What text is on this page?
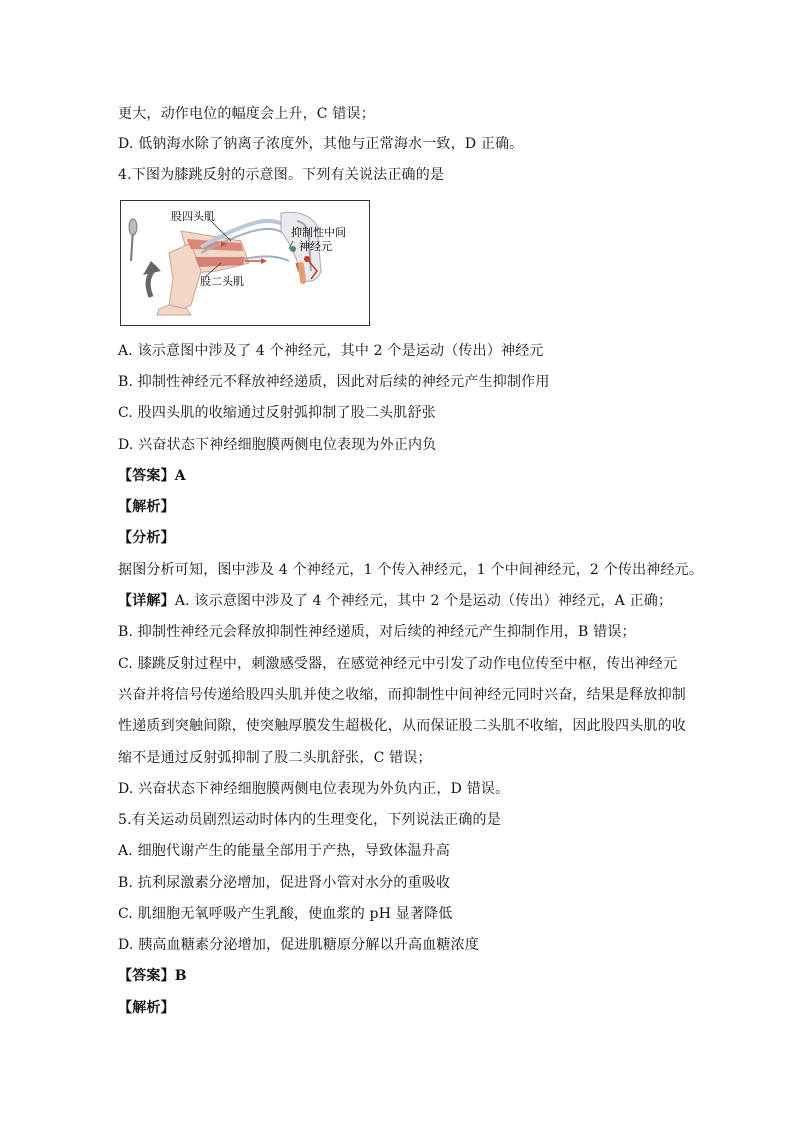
更大，动作电位的幅度会上升，C 错误；
D. 低钠海水除了钠离子浓度外，其他与正常海水一致，D 正确。
4.下图为膝跳反射的示意图。下列有关说法正确的是
股四头肌
抑制性中间
神经元
股二头肌
A. 该示意图中涉及了 4 个神经元，其中 2 个是运动（传出）神经元
B. 抑制性神经元不释放神经递质，因此对后续的神经元产生抑制作用
C. 股四头肌的收缩通过反射弧抑制了股二头肌舒张
D. 兴奋状态下神经细胞膜两侧电位表现为外正内负
【答案】A
【解析】
【分析】
据图分析可知，图中涉及 4 个神经元，1 个传入神经元，1 个中间神经元，2 个传出神经元。
【详解】A. 该示意图中涉及了 4 个神经元，其中 2 个是运动（传出）神经元，A 正确；
B. 抑制性神经元会释放抑制性神经递质，对后续的神经元产生抑制作用，B 错误；
C. 膝跳反射过程中，刺激感受器，在感觉神经元中引发了动作电位传至中枢，传出神经元
兴奋并将信号传递给股四头肌并使之收缩，而抑制性中间神经元同时兴奋，结果是释放抑制
性递质到突触间隙，使突触厚膜发生超极化，从而保证股二头肌不收缩，因此股四头肌的收
缩不是通过反射弧抑制了股二头肌舒张，C 错误；
D. 兴奋状态下神经细胞膜两侧电位表现为外负内正，D 错误。
5.有关运动员剧烈运动时体内的生理变化，下列说法正确的是
A. 细胞代谢产生的能量全部用于产热，导致体温升高
B. 抗利尿激素分泌增加，促进肾小管对水分的重吸收
C. 肌细胞无氧呼吸产生乳酸，使血浆的 pH 显著降低
D. 胰高血糖素分泌增加，促进肌糖原分解以升高血糖浓度
【答案】B
【解析】
